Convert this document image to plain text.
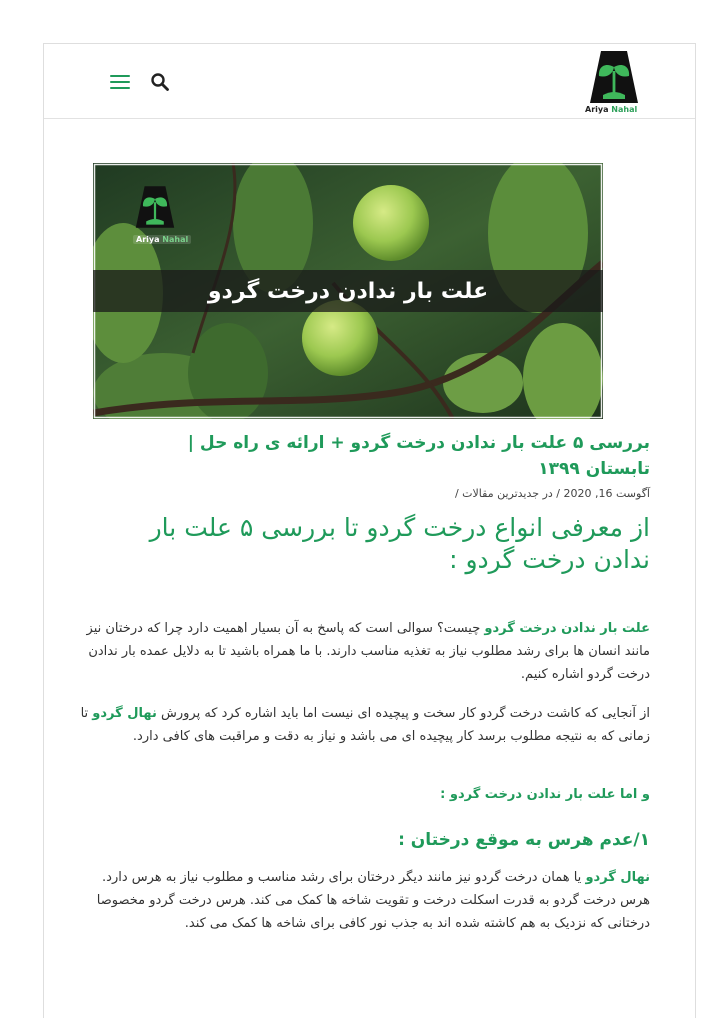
Ariya Nahal
Ariya Nahal
علت بار ندادن درخت گردو
بررسی ۵ علت بار ندادن درخت گردو + ارائه ی راه حل | تابستان ۱۳۹۹
آگوست 16, 2020 / در جدیدترین مقالات /
از معرفی انواع درخت گردو تا بررسی ۵ علت بار ندادن درخت گردو :

علت بار ندادن درخت گردو چیست؟ سوالی است که پاسخ به آن بسیار اهمیت دارد چرا که درختان نیز مانند انسان ها برای رشد مطلوب نیاز به تغذیه مناسب دارند. با ما همراه باشید تا به دلایل عمده بار ندادن درخت گردو اشاره کنیم.

از آنجایی که کاشت درخت گردو کار سخت و پیچیده ای نیست اما باید اشاره کرد که پرورش نهال گردو تا زمانی که به نتیجه مطلوب برسد کار پیچیده ای می باشد و نیاز به دقت و مراقبت های کافی دارد.

و اما علت بار ندادن درخت گردو :

۱/عدم هرس به موقع درختان :

نهال گردو یا همان درخت گردو نیز مانند دیگر درختان برای رشد مناسب و مطلوب نیاز به هرس دارد. هرس درخت گردو به قدرت اسکلت درخت و تقویت شاخه ها کمک می کند. هرس درخت گردو مخصوصا درختانی که نزدیک به هم کاشته شده اند به جذب نور کافی برای شاخه ها کمک می کند.
